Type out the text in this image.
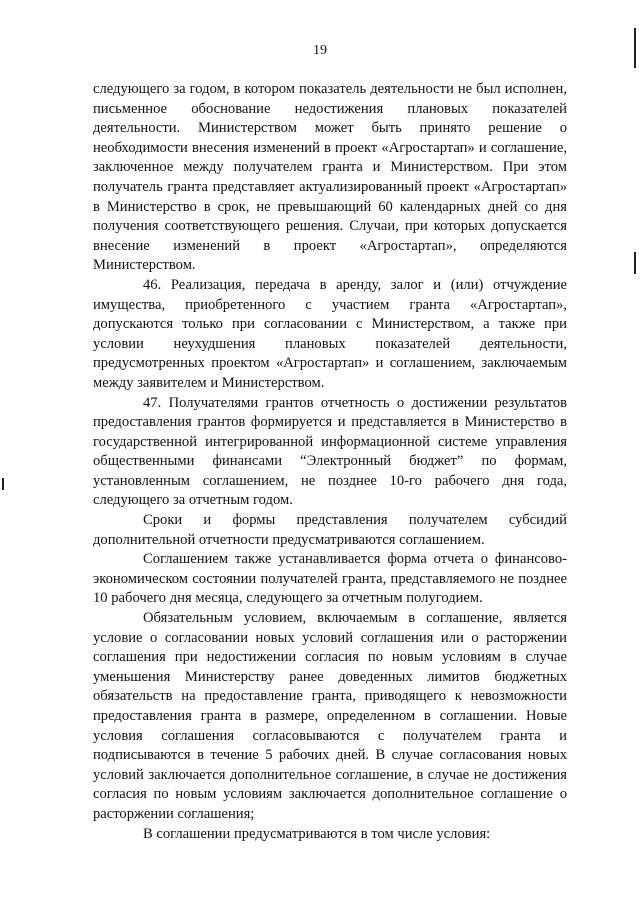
19

следующего за годом, в котором показатель деятельности не был исполнен, письменное обоснование недостижения плановых показателей деятельности. Министерством может быть принято решение о необходимости внесения изменений в проект «Агростартап» и соглашение, заключенное между получателем гранта и Министерством. При этом получатель гранта представляет актуализированный проект «Агростартап» в Министерство в срок, не превышающий 60 календарных дней со дня получения соответствующего решения. Случаи, при которых допускается внесение изменений в проект «Агростартап», определяются Министерством.

46. Реализация, передача в аренду, залог и (или) отчуждение имущества, приобретенного с участием гранта «Агростартап», допускаются только при согласовании с Министерством, а также при условии неухудшения плановых показателей деятельности, предусмотренных проектом «Агростартап» и соглашением, заключаемым между заявителем и Министерством.

47. Получателями грантов отчетность о достижении результатов предоставления грантов формируется и представляется в Министерство в государственной интегрированной информационной системе управления общественными финансами “Электронный бюджет” по формам, установленным соглашением, не позднее 10-го рабочего дня года, следующего за отчетным годом.

Сроки и формы представления получателем субсидий дополнительной отчетности предусматриваются соглашением.

Соглашением также устанавливается форма отчета о финансово-экономическом состоянии получателей гранта, представляемого не позднее 10 рабочего дня месяца, следующего за отчетным полугодием.

Обязательным условием, включаемым в соглашение, является условие о согласовании новых условий соглашения или о расторжении соглашения при недостижении согласия по новым условиям в случае уменьшения Министерству ранее доведенных лимитов бюджетных обязательств на предоставление гранта, приводящего к невозможности предоставления гранта в размере, определенном в соглашении. Новые условия соглашения согласовываются с получателем гранта и подписываются в течение 5 рабочих дней. В случае согласования новых условий заключается дополнительное соглашение, в случае не достижения согласия по новым условиям заключается дополнительное соглашение о расторжении соглашения;

В соглашении предусматриваются в том числе условия:
